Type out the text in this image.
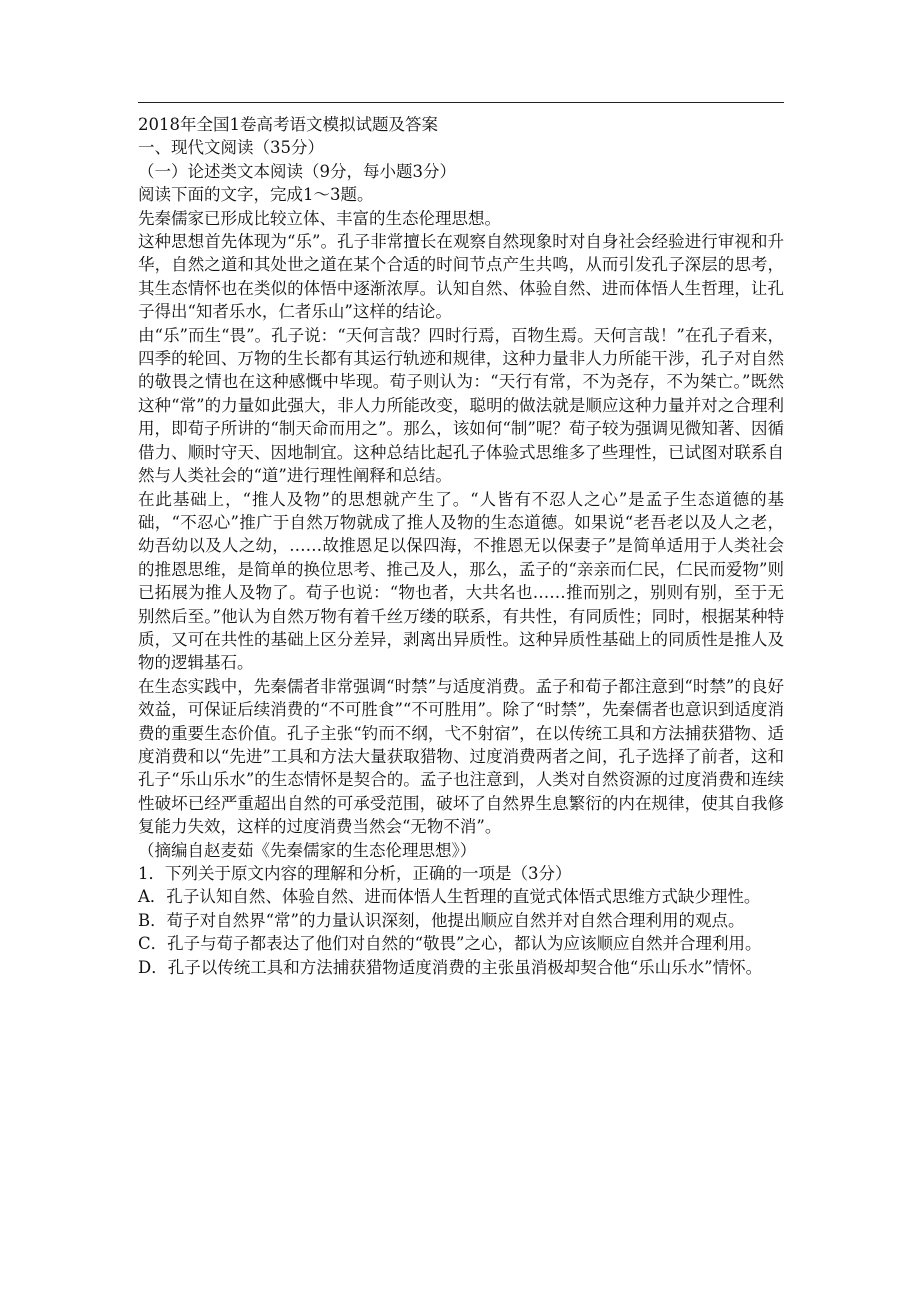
2018年全国1卷高考语文模拟试题及答案

一、现代文阅读（35分）

（一）论述类文本阅读（9分，每小题3分）

阅读下面的文字，完成1～3题。

先秦儒家已形成比较立体、丰富的生态伦理思想。

这种思想首先体现为“乐”。孔子非常擅长在观察自然现象时对自身社会经验进行审视和升华，自然之道和其处世之道在某个合适的时间节点产生共鸣，从而引发孔子深层的思考，其生态情怀也在类似的体悟中逐渐浓厚。认知自然、体验自然、进而体悟人生哲理，让孔子得出“知者乐水，仁者乐山”这样的结论。

由“乐”而生“畏”。孔子说：“天何言哉？四时行焉，百物生焉。天何言哉！”在孔子看来，四季的轮回、万物的生长都有其运行轨迹和规律，这种力量非人力所能干涉，孔子对自然的敬畏之情也在这种感慨中毕现。荀子则认为：“天行有常，不为尧存，不为桀亡。”既然这种“常”的力量如此强大，非人力所能改变，聪明的做法就是顺应这种力量并对之合理利用，即荀子所讲的“制天命而用之”。那么，该如何“制”呢？荀子较为强调见微知著、因循借力、顺时守天、因地制宜。这种总结比起孔子体验式思维多了些理性，已试图对联系自然与人类社会的“道”进行理性阐释和总结。

在此基础上，“推人及物”的思想就产生了。“人皆有不忍人之心”是孟子生态道德的基础，“不忍心”推广于自然万物就成了推人及物的生态道德。如果说“老吾老以及人之老，幼吾幼以及人之幼，……故推恩足以保四海，不推恩无以保妻子”是简单适用于人类社会的推恩思维，是简单的换位思考、推己及人，那么，孟子的“亲亲而仁民，仁民而爱物”则已拓展为推人及物了。荀子也说：“物也者，大共名也……推而别之，别则有别，至于无别然后至。”他认为自然万物有着千丝万缕的联系，有共性，有同质性；同时，根据某种特质，又可在共性的基础上区分差异，剥离出异质性。这种异质性基础上的同质性是推人及物的逻辑基石。

在生态实践中，先秦儒者非常强调“时禁”与适度消费。孟子和荀子都注意到“时禁”的良好效益，可保证后续消费的“不可胜食”“不可胜用”。除了“时禁”，先秦儒者也意识到适度消费的重要生态价值。孔子主张“钓而不纲，弋不射宿”，在以传统工具和方法捕获猎物、适度消费和以“先进”工具和方法大量获取猎物、过度消费两者之间，孔子选择了前者，这和孔子“乐山乐水”的生态情怀是契合的。孟子也注意到，人类对自然资源的过度消费和连续性破坏已经严重超出自然的可承受范围，破坏了自然界生息繁衍的内在规律，使其自我修复能力失效，这样的过度消费当然会“无物不消”。

（摘编自赵麦茹《先秦儒家的生态伦理思想》）

1．下列关于原文内容的理解和分析，正确的一项是（3分）

A．孔子认知自然、体验自然、进而体悟人生哲理的直觉式体悟式思维方式缺少理性。

B．荀子对自然界“常”的力量认识深刻，他提出顺应自然并对自然合理利用的观点。

C．孔子与荀子都表达了他们对自然的“敬畏”之心，都认为应该顺应自然并合理利用。

D．孔子以传统工具和方法捕获猎物适度消费的主张虽消极却契合他“乐山乐水”情怀。
